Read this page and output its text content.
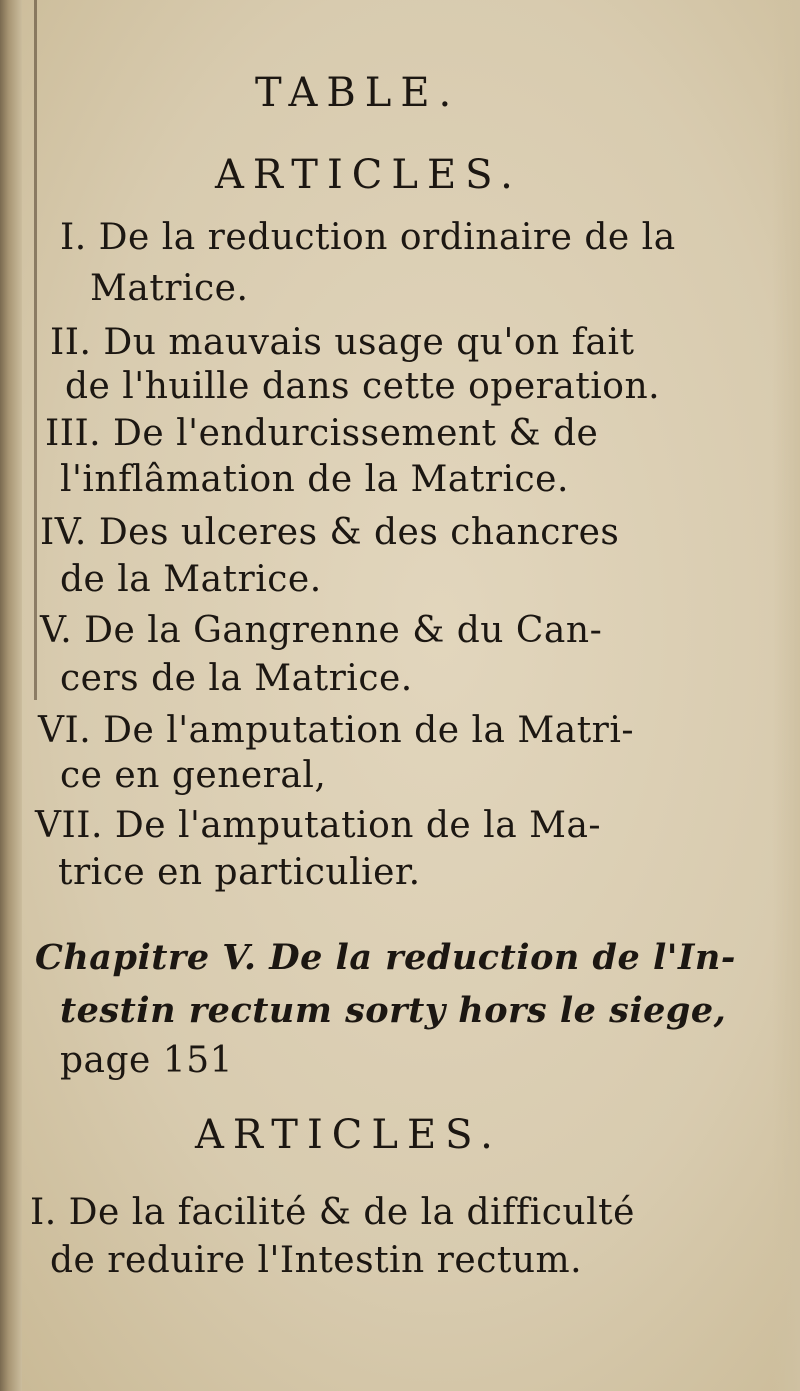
TABLE.
ARTICLES.
I. De la reduction ordinaire de la
Matrice.
II. Du mauvais usage qu'on fait
de l'huille dans cette operation.
III. De l'endurcissement & de
l'inflâmation de la Matrice.
IV. Des ulceres & des chancres
de la Matrice.
V. De la Gangrenne & du Can-
cers de la Matrice.
VI. De l'amputation de la Matri-
ce en general,
VII. De l'amputation de la Ma-
trice en particulier.
Chapitre V. De la reduction de l'In-
testin rectum sorty hors le siege,
page 151
ARTICLES.
I. De la facilité & de la difficulté
de reduire l'Intestin rectum.
